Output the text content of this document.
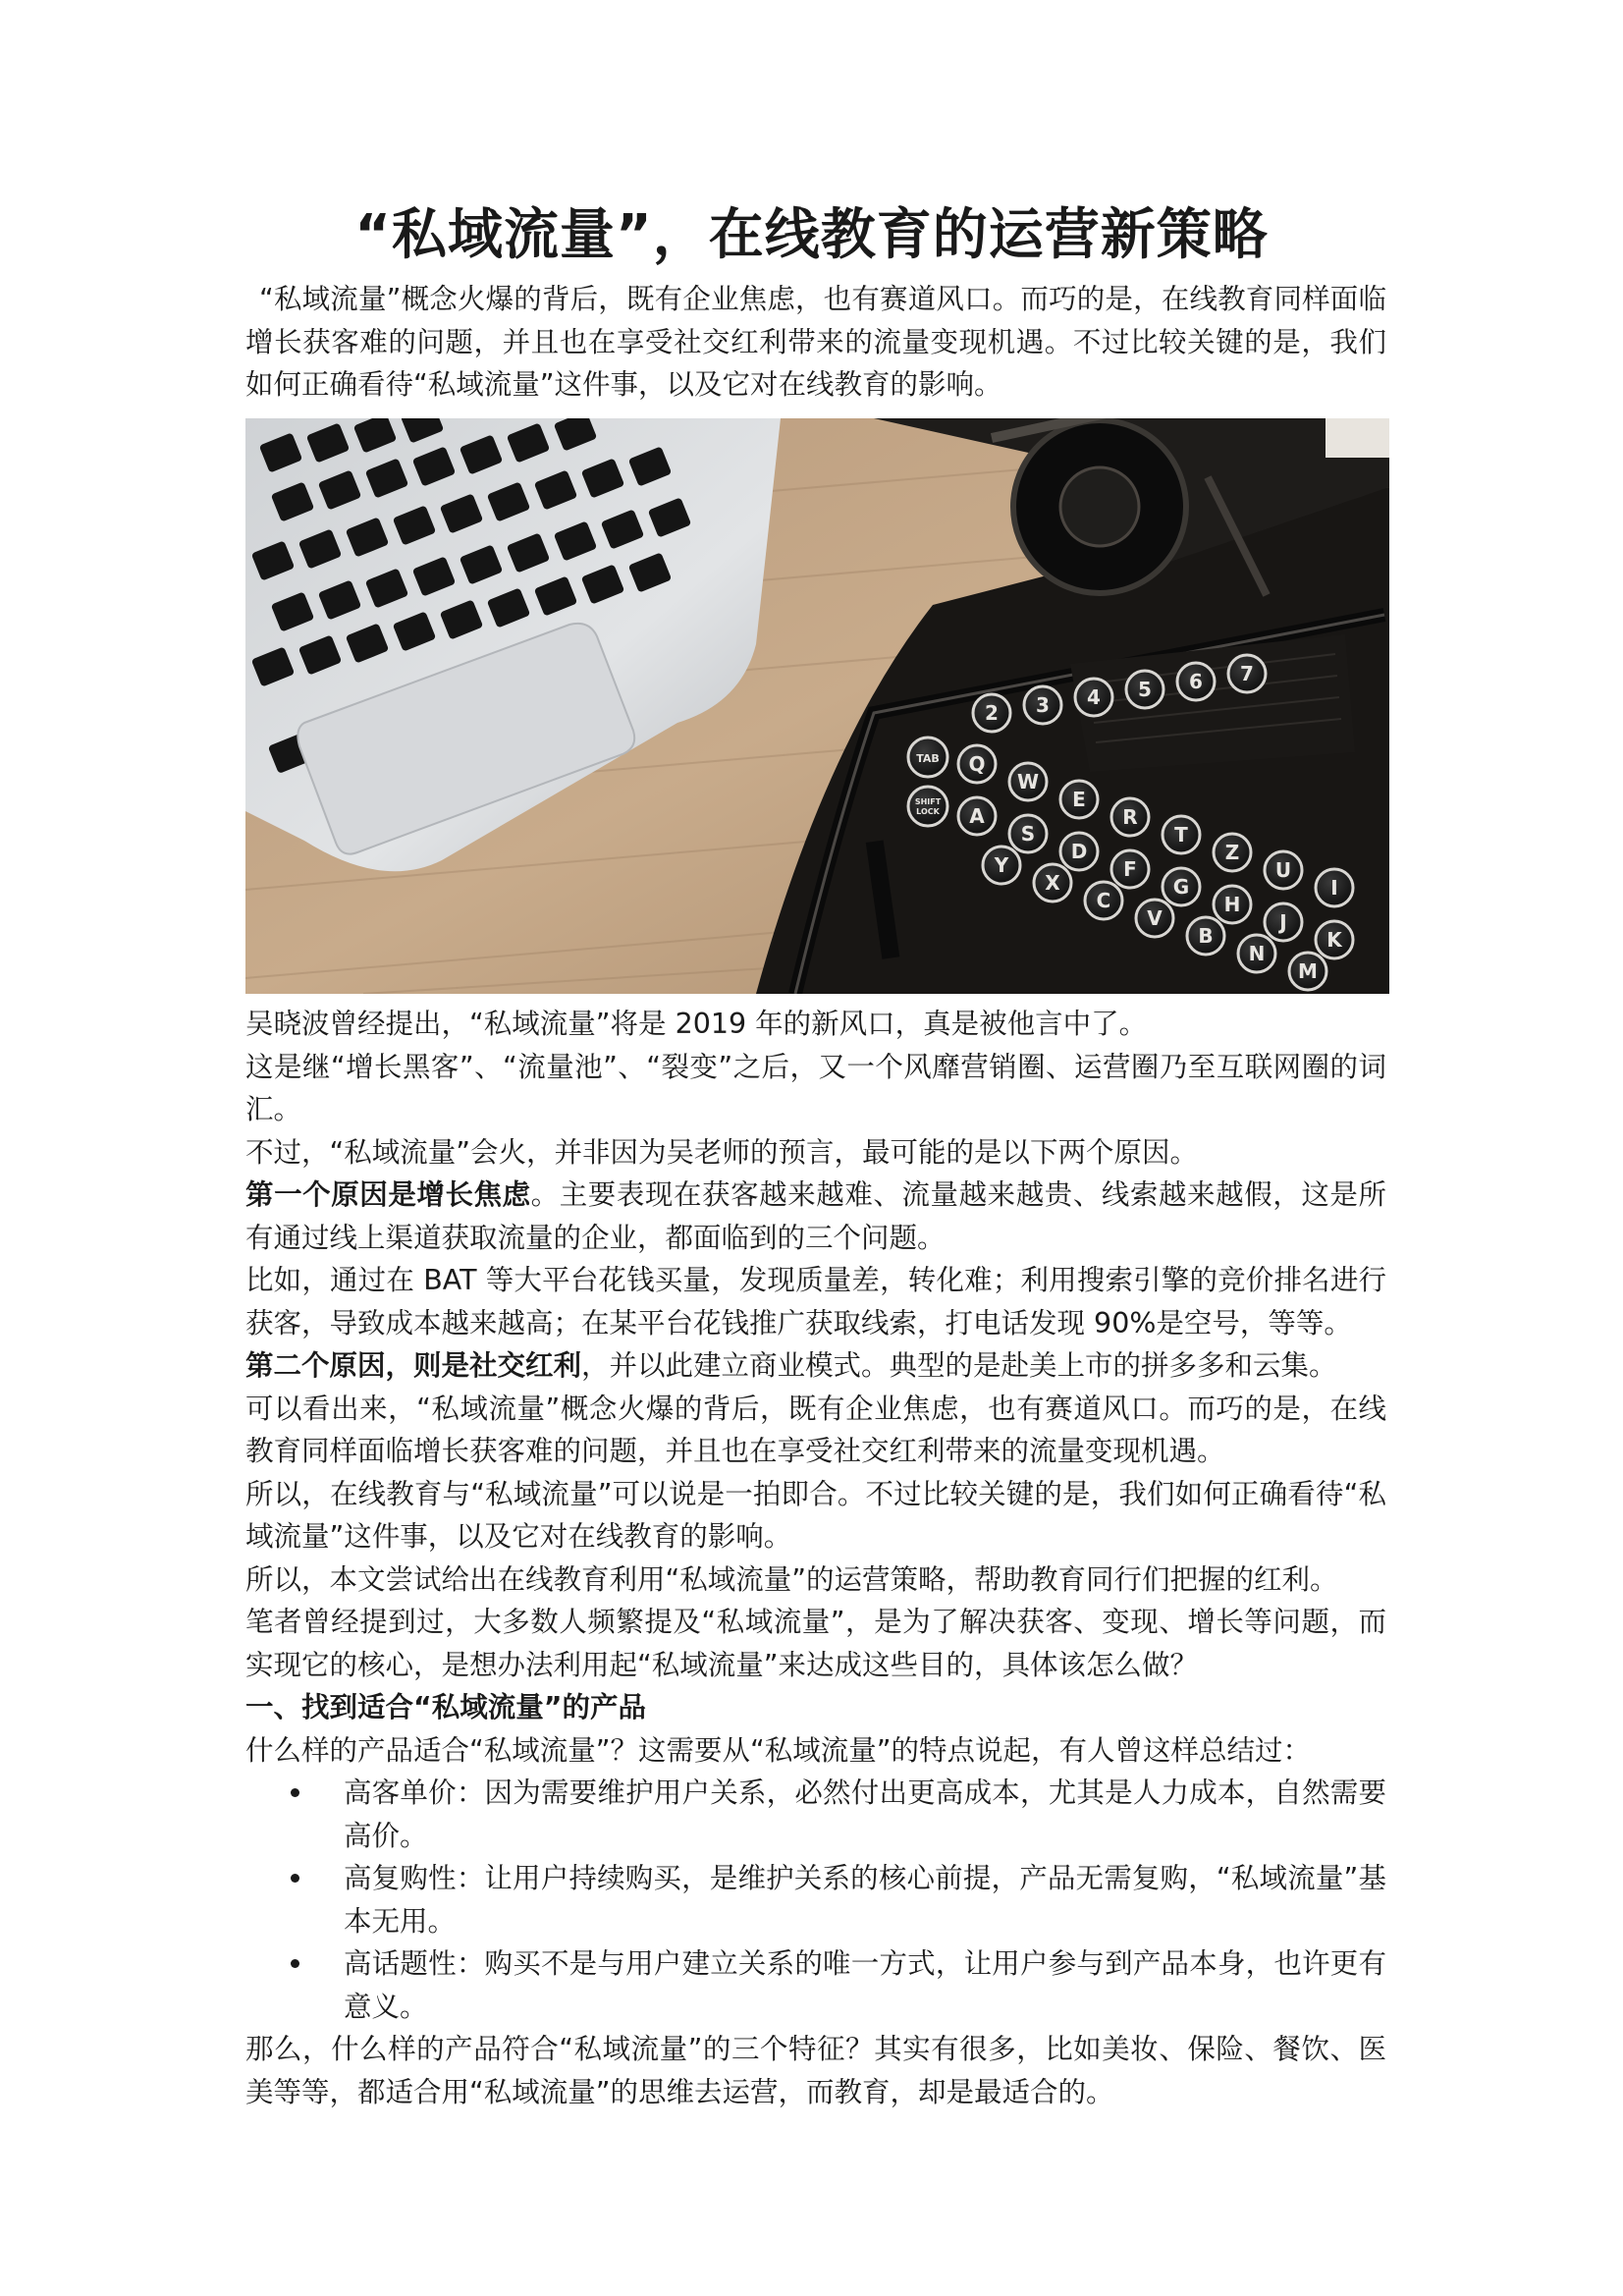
“私域流量”，在线教育的运营新策略

“私域流量”概念火爆的背后，既有企业焦虑，也有赛道风口。而巧的是，在线教育同样面临增长获客难的问题，并且也在享受社交红利带来的流量变现机遇。不过比较关键的是，我们如何正确看待“私域流量”这件事，以及它对在线教育的影响。

2 3 4 5 6 7
Q
W
E
R
T
Z
U
I
A
S
D
F
G
H
J
K
Y
X
C
V
B
N
M
TAB
SHIFT
LOCK

吴晓波曾经提出，“私域流量”将是 2019 年的新风口，真是被他言中了。

这是继“增长黑客”、“流量池”、“裂变”之后，又一个风靡营销圈、运营圈乃至互联网圈的词汇。

不过，“私域流量”会火，并非因为吴老师的预言，最可能的是以下两个原因。

第一个原因是增长焦虑。主要表现在获客越来越难、流量越来越贵、线索越来越假，这是所有通过线上渠道获取流量的企业，都面临到的三个问题。

比如，通过在 BAT 等大平台花钱买量，发现质量差，转化难；利用搜索引擎的竞价排名进行获客，导致成本越来越高；在某平台花钱推广获取线索，打电话发现 90%是空号，等等。

第二个原因，则是社交红利，并以此建立商业模式。典型的是赴美上市的拼多多和云集。

可以看出来，“私域流量”概念火爆的背后，既有企业焦虑，也有赛道风口。而巧的是，在线教育同样面临增长获客难的问题，并且也在享受社交红利带来的流量变现机遇。

所以，在线教育与“私域流量”可以说是一拍即合。不过比较关键的是，我们如何正确看待“私域流量”这件事，以及它对在线教育的影响。

所以，本文尝试给出在线教育利用“私域流量”的运营策略，帮助教育同行们把握的红利。

笔者曾经提到过，大多数人频繁提及“私域流量”，是为了解决获客、变现、增长等问题，而实现它的核心，是想办法利用起“私域流量”来达成这些目的，具体该怎么做？

一、找到适合“私域流量”的产品

什么样的产品适合“私域流量”？这需要从“私域流量”的特点说起，有人曾这样总结过：

高客单价：因为需要维护用户关系，必然付出更高成本，尤其是人力成本，自然需要高价。
高复购性：让用户持续购买，是维护关系的核心前提，产品无需复购，“私域流量”基本无用。
高话题性：购买不是与用户建立关系的唯一方式，让用户参与到产品本身，也许更有意义。

那么，什么样的产品符合“私域流量”的三个特征？其实有很多，比如美妆、保险、餐饮、医美等等，都适合用“私域流量”的思维去运营，而教育，却是最适合的。
